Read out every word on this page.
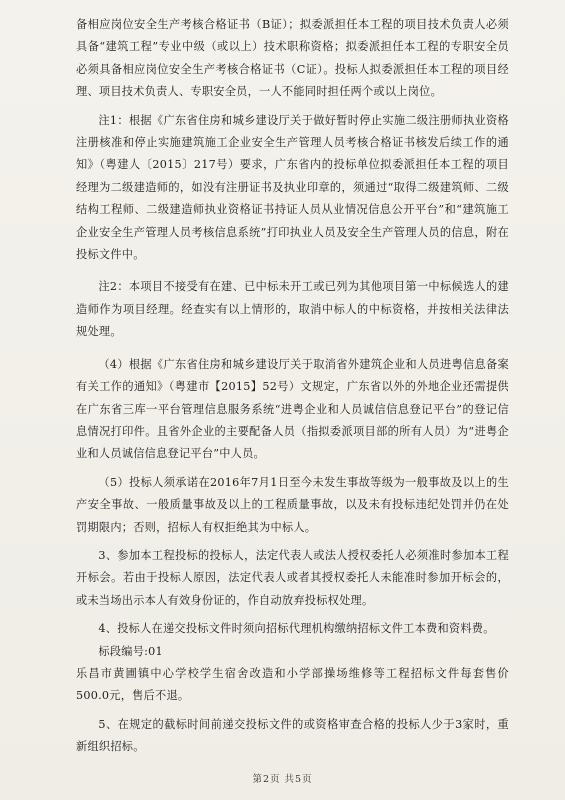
备相应岗位安全生产考核合格证书（B证）；拟委派担任本工程的项目技术负责人必须具备“建筑工程”专业中级（或以上）技术职称资格；拟委派担任本工程的专职安全员必须具备相应岗位安全生产考核合格证书（C证）。投标人拟委派担任本工程的项目经理、项目技术负责人、专职安全员，一人不能同时担任两个或以上岗位。

注1：根据《广东省住房和城乡建设厅关于做好暂时停止实施二级注册师执业资格注册核准和停止实施建筑施工企业安全生产管理人员考核合格证书核发后续工作的通知》（粤建人〔2015〕217号）要求，广东省内的投标单位拟委派担任本工程的项目经理为二级建造师的，如没有注册证书及执业印章的，须通过“取得二级建筑师、二级结构工程师、二级建造师执业资格证书持证人员从业情况信息公开平台”和“建筑施工企业安全生产管理人员考核信息系统”打印执业人员及安全生产管理人员的信息，附在投标文件中。

注2：本项目不接受有在建、已中标未开工或已列为其他项目第一中标候选人的建造师作为项目经理。经查实有以上情形的，取消中标人的中标资格，并按相关法律法规处理。

（4）根据《广东省住房和城乡建设厅关于取消省外建筑企业和人员进粤信息备案有关工作的通知》（粤建市【2015】52号）文规定，广东省以外的外地企业还需提供在广东省三库一平台管理信息服务系统“进粤企业和人员诚信信息登记平台”的登记信息情况打印件。且省外企业的主要配备人员（指拟委派项目部的所有人员）为“进粤企业和人员诚信信息登记平台”中人员。

（5）投标人须承诺在2016年7月1日至今未发生事故等级为一般事故及以上的生产安全事故、一般质量事故及以上的工程质量事故，以及未有投标违纪处罚并仍在处罚期限内；否则，招标人有权拒绝其为中标人。

3、参加本工程投标的投标人，法定代表人或法人授权委托人必须准时参加本工程开标会。若由于投标人原因，法定代表人或者其授权委托人未能准时参加开标会的，或未当场出示本人有效身份证的，作自动放弃投标权处理。

4、投标人在递交投标文件时须向招标代理机构缴纳招标文件工本费和资料费。

标段编号:01

乐昌市黄圃镇中心学校学生宿舍改造和小学部操场维修等工程招标文件每套售价500.0元，售后不退。

5、在规定的截标时间前递交投标文件的或资格审查合格的投标人少于3家时，重新组织招标。

第2页 共5页
